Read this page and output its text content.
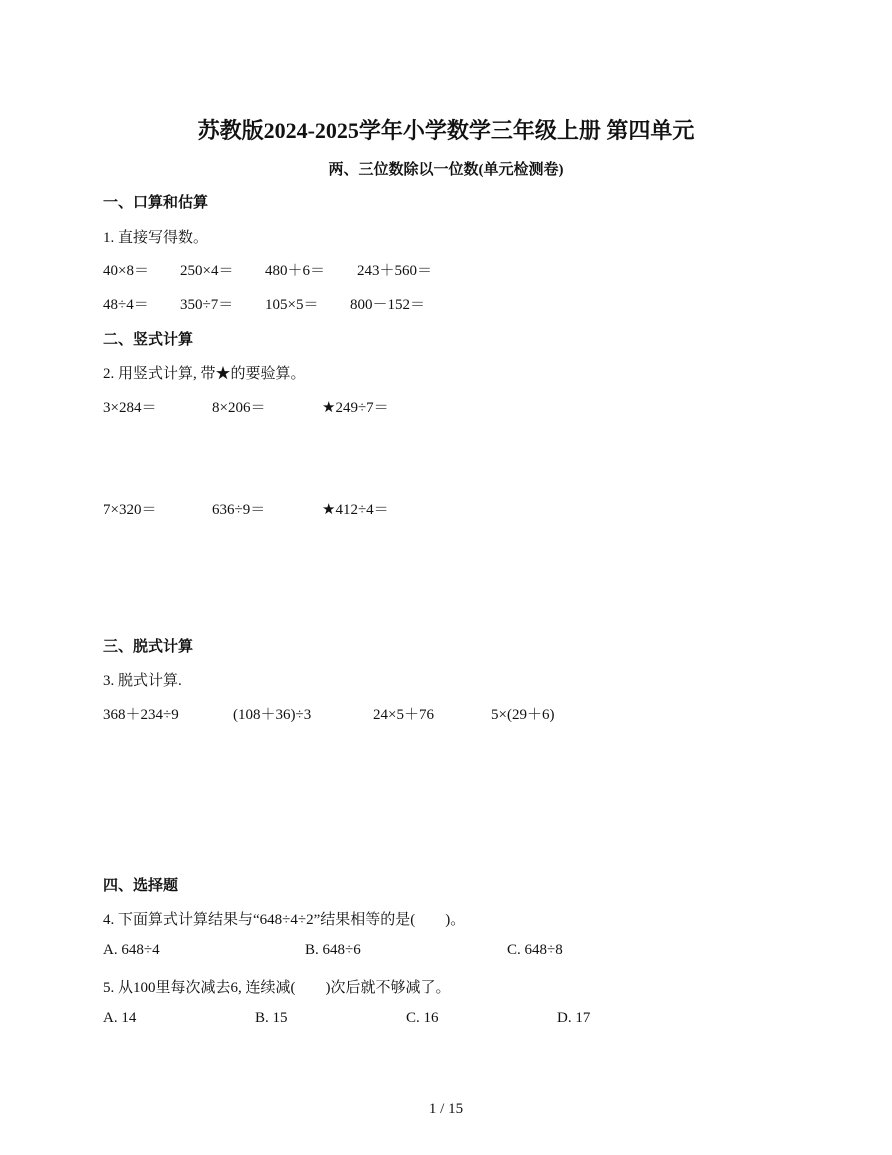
苏教版2024-2025学年小学数学三年级上册 第四单元
两、三位数除以一位数(单元检测卷)
一、口算和估算
1. 直接写得数。
40×8＝ 250×4＝ 480＋6＝ 243＋560＝
48÷4＝ 350÷7＝ 105×5＝ 800－152＝
二、竖式计算
2. 用竖式计算, 带★的要验算。
3×284＝	8×206＝	★249÷7＝
7×320＝	636÷9＝	★412÷4＝
三、脱式计算
3. 脱式计算.
368＋234÷9	(108＋36)÷3	24×5＋76	5×(29＋6)
四、选择题
4. 下面算式计算结果与“648÷4÷2”结果相等的是(　　)。
A. 648÷4	B. 648÷6	C. 648÷8
5. 从100里每次减去6, 连续减(　　)次后就不够减了。
A. 14	B. 15	C. 16	D. 17
1 / 15
